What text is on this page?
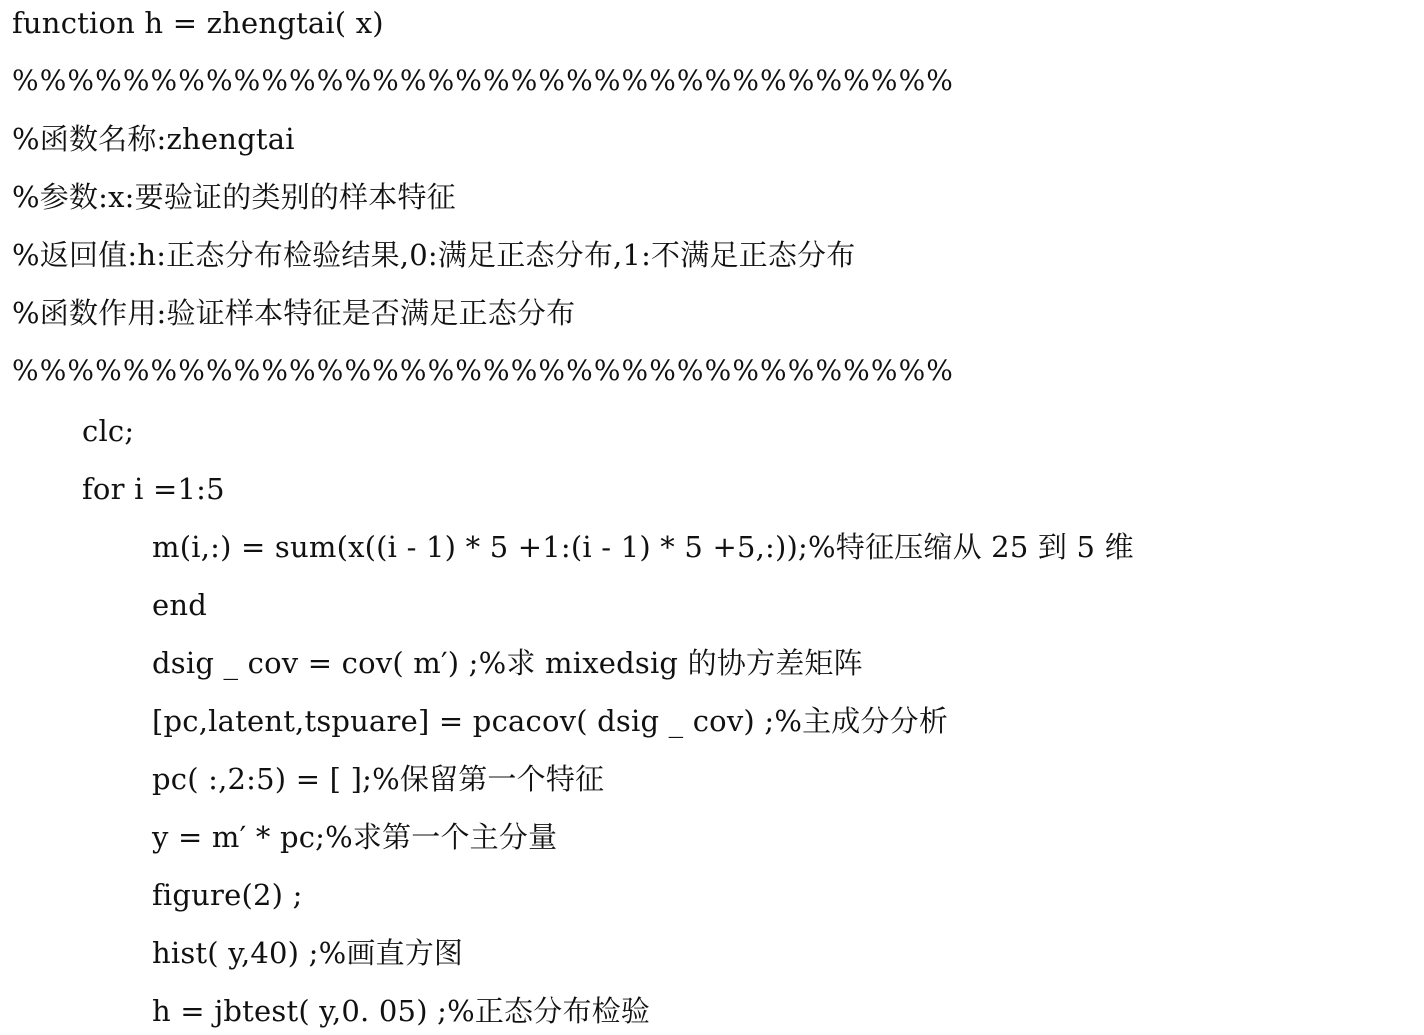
function h = zhengtai( x)
%%%%%%%%%%%%%%%%%%%%%%%%%%%%%%%%%%
%函数名称:zhengtai
%参数:x:要验证的类别的样本特征
%返回值:h:正态分布检验结果,0:满足正态分布,1:不满足正态分布
%函数作用:验证样本特征是否满足正态分布
%%%%%%%%%%%%%%%%%%%%%%%%%%%%%%%%%%
clc;
for i =1:5
m(i,:) = sum(x((i - 1) * 5 +1:(i - 1) * 5 +5,:));%特征压缩从 25 到 5 维
end
dsig _ cov = cov( m′) ;%求 mixedsig 的协方差矩阵
[pc,latent,tspuare] = pcacov( dsig _ cov) ;%主成分分析
pc( :,2:5) = [ ];%保留第一个特征
y = m′ * pc;%求第一个主分量
figure(2) ;
hist( y,40) ;%画直方图
h = jbtest( y,0. 05) ;%正态分布检验
